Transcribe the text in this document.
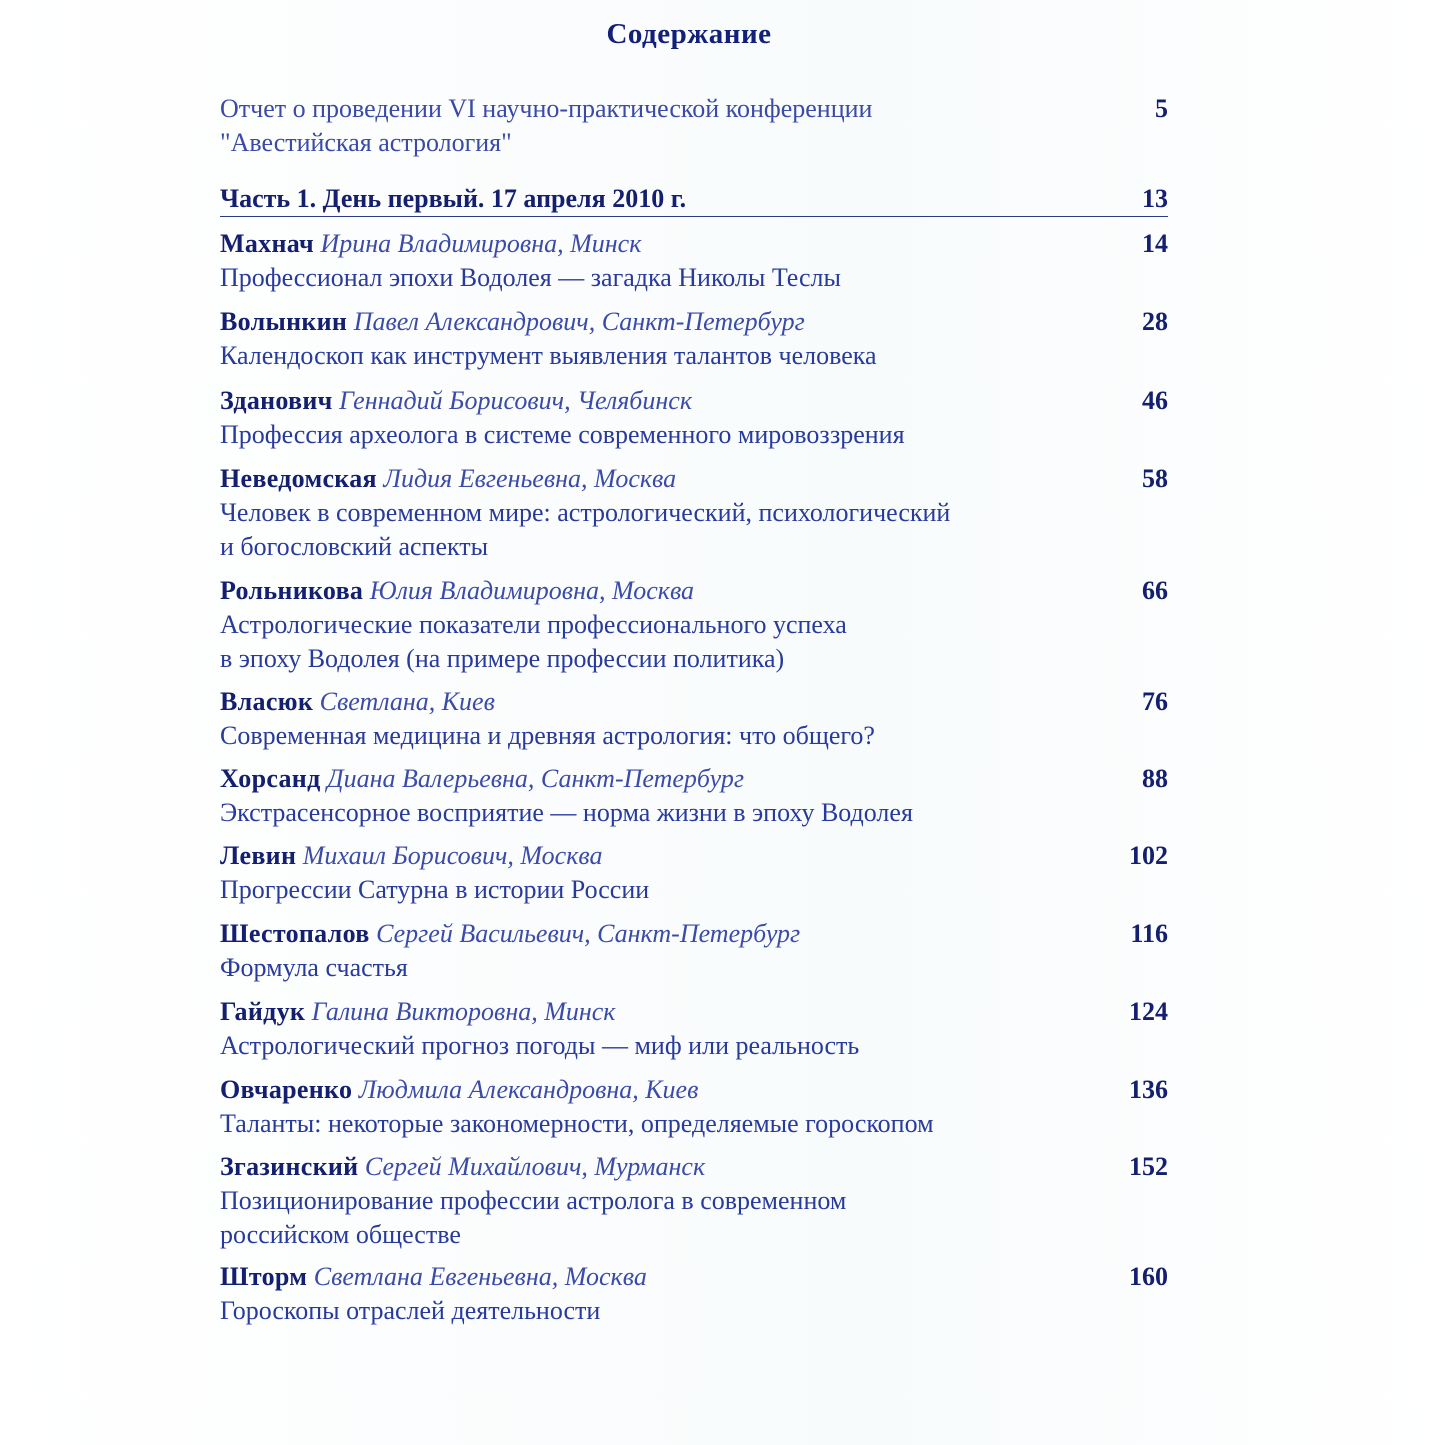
Содержание
Отчет о проведении VI научно-практической конференции
"Авестийская астрология"
5
Часть 1. День первый. 17 апреля 2010 г.	13
Махнач Ирина Владимировна, Минск
Профессионал эпохи Водолея — загадка Николы Теслы
14
Волынкин Павел Александрович, Санкт-Петербург
Календоскоп как инструмент выявления талантов человека
28
Зданович Геннадий Борисович, Челябинск
Профессия археолога в системе современного мировоззрения
46
Неведомская Лидия Евгеньевна, Москва
Человек в современном мире: астрологический, психологический
и богословский аспекты
58
Рольникова Юлия Владимировна, Москва
Астрологические показатели профессионального успеха
в эпоху Водолея (на примере профессии политика)
66
Власюк Светлана, Киев
Современная медицина и древняя астрология: что общего?
76
Хорсанд Диана Валерьевна, Санкт-Петербург
Экстрасенсорное восприятие — норма жизни в эпоху Водолея
88
Левин Михаил Борисович, Москва
Прогрессии Сатурна в истории России
102
Шестопалов Сергей Васильевич, Санкт-Петербург
Формула счастья
116
Гайдук Галина Викторовна, Минск
Астрологический прогноз погоды — миф или реальность
124
Овчаренко Людмила Александровна, Киев
Таланты: некоторые закономерности, определяемые гороскопом
136
Згазинский Сергей Михайлович, Мурманск
Позиционирование профессии астролога в современном
российском обществе
152
Шторм Светлана Евгеньевна, Москва
Гороскопы отраслей деятельности
160
